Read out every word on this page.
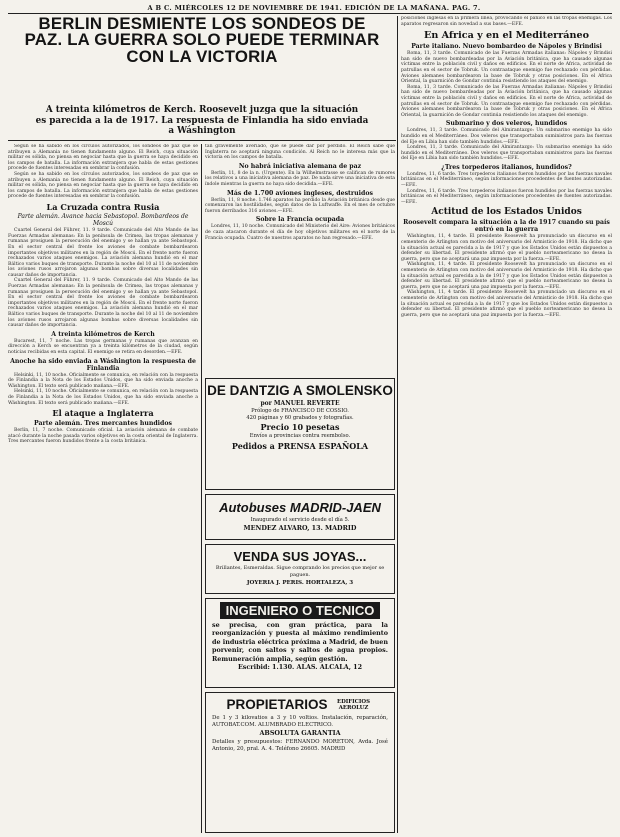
A B C. MIÉRCOLES 12 DE NOVIEMBRE DE 1941. EDICIÓN DE LA MAÑANA. PAG. 7.
BERLIN DESMIENTE LOS SONDEOS DE
PAZ. LA GUERRA SOLO PUEDE TERMINAR
CON LA VICTORIA
A treinta kilómetros de Kerch. Roosevelt juzga que la situación
es parecida a la de 1917. La respuesta de Finlandia ha sido enviada
a Wáshington

Según se ha sabido en los círculos autorizados, los sondeos de paz que se atribuyen a Alemania no tienen fundamento alguno. El Reich, cuya situación militar es sólida, no piensa en negociar hasta que la guerra se haya decidido en los campos de batalla. La información extranjera que habla de estas gestiones procede de fuentes interesadas en sembrar la confusión.

Según se ha sabido en los círculos autorizados, los sondeos de paz que se atribuyen a Alemania no tienen fundamento alguno. El Reich, cuya situación militar es sólida, no piensa en negociar hasta que la guerra se haya decidido en los campos de batalla. La información extranjera que habla de estas gestiones procede de fuentes interesadas en sembrar la confusión.

La Cruzada contra Rusia
Parte alemán. Avance hacia Sebastopol. Bombardeos de Moscú

Cuartel General del Führer, 11. 9 tarde. Comunicado del Alto Mando de las Fuerzas Armadas alemanas: En la península de Crimea, las tropas alemanas y rumanas prosiguen la persecución del enemigo y se hallan ya ante Sebastopol. En el sector central del frente los aviones de combate bombardearon importantes objetivos militares en la región de Moscú. En el frente norte fueron rechazados varios ataques enemigos. La aviación alemana hundió en el mar Báltico varios buques de transporte. Durante la noche del 10 al 11 de noviembre los aviones rusos arrojaron algunas bombas sobre diversas localidades sin causar daños de importancia.

Cuartel General del Führer, 11. 9 tarde. Comunicado del Alto Mando de las Fuerzas Armadas alemanas: En la península de Crimea, las tropas alemanas y rumanas prosiguen la persecución del enemigo y se hallan ya ante Sebastopol. En el sector central del frente los aviones de combate bombardearon importantes objetivos militares en la región de Moscú. En el frente norte fueron rechazados varios ataques enemigos. La aviación alemana hundió en el mar Báltico varios buques de transporte. Durante la noche del 10 al 11 de noviembre los aviones rusos arrojaron algunas bombas sobre diversas localidades sin causar daños de importancia.

A treinta kilómetros de Kerch

Bucarest, 11, 7 noche. Las tropas germanas y rumanas que avanzan en dirección a Kerch se encuentran ya a treinta kilómetros de la ciudad, según noticias recibidas en esta capital. El enemigo se retira en desorden.—EFE.

Anoche ha sido enviada a Wáshington la respuesta de Finlandia

Helsinki, 11, 10 noche. Oficialmente se comunica, en relación con la respuesta de Finlandia a la Nota de los Estados Unidos, que ha sido enviada anoche a Wáshington. El texto será publicado mañana.—EFE.

Helsinki, 11, 10 noche. Oficialmente se comunica, en relación con la respuesta de Finlandia a la Nota de los Estados Unidos, que ha sido enviada anoche a Wáshington. El texto será publicado mañana.—EFE.

El ataque a Inglaterra
Parte alemán. Tres mercantes hundidos

Berlín, 11, 7 noche. Comunicado oficial. La aviación alemana de combate atacó durante la noche pasada varios objetivos en la costa oriental de Inglaterra. Tres mercantes fueron hundidos frente a la costa británica.

tan gravemente averiado, que se puede dar por perdido. El Reich sabe que Inglaterra no aceptará ninguna condición. Al Reich no le interesa más que la victoria en los campos de batalla.

No habrá iniciativa alemana de paz

Berlín, 11, 8 de la n. (Urgente). En la Wilhelmstrasse se califican de rumores los relativos a una iniciativa alemana de paz. De nada sirve una iniciativa de esta índole mientras la guerra no haya sido decidida.—EFE.

Más de 1.700 aviones ingleses, destruidos

Berlín, 11, 8 noche. 1.746 aparatos ha perdido la Aviación británica desde que comenzaron las hostilidades, según datos de la Luftwaffe. En el mes de octubre fueron derribados 316 aviones.—EFE.

Sobre la Francia ocupada

Londres, 11, 10 noche. Comunicado del Ministerio del Aire: Aviones británicos de caza atacaron durante el día de hoy objetivos militares en el norte de la Francia ocupada. Cuatro de nuestros aparatos no han regresado.—EFE.

DE DANTZIG A SMOLENSKO
por MANUEL REVERTE
Prólogo de FRANCISCO DE COSSIO.
420 páginas y 60 grabados y fotografías.
Precio 10 pesetas
Envíos a provincias contra reembolso.
Pedidos a PRENSA ESPAÑOLA
Autobuses MADRID-JAEN
Inaugurado el servicio desde el día 5.
MENDEZ ALVARO, 13. MADRID
VENDA SUS JOYAS...
Brillantes, Esmeraldas. Sigue comprando los precios que mejor se paguen.
JOYERIA J. PERIS. HORTALEZA, 3
INGENIERO O TECNICO
se precisa, con gran práctica, para la reorganización y puesta al máximo rendimiento de industria eléctrica próxima a Madrid, de buen porvenir, con saltos y saltos de agua propios. Remuneración amplia, según gestión.
Escribid: 1.130. ALAS. ALCALA, 12
PROPIETARIOS	EDIFICIOS AEROLUZ
De 1 y 3 kilovatios a 3 y 10 voltios. Instalación, reparación, AUTOBAT.COM. ALUMBRADO ELECTRICO.
ABSOLUTA GARANTIA
Detalles y presupuestos: FERNANDO MORETON, Avda. José Antonio, 20, pral. A. 4. Teléfono 26605. MADRID

posiciones inglesas en la primera línea, provocando el pánico en las tropas enemigas. Los aparatos regresaron sin novedad a sus bases.—EFE.

En Africa y en el Mediterráneo
Parte italiano. Nuevo bombardeo de Nápoles y Brindisi

Roma, 11, 3 tarde. Comunicado de las Fuerzas Armadas italianas: Nápoles y Brindisi han sido de nuevo bombardeadas por la Aviación británica, que ha causado algunas víctimas entre la población civil y daños en edificios. En el norte de Africa, actividad de patrullas en el sector de Tobruk. Un contraataque enemigo fue rechazado con pérdidas. Aviones alemanes bombardearon la base de Tobruk y otras posiciones. En el Africa Oriental, la guarnición de Gondar continúa resistiendo los ataques del enemigo.

Roma, 11, 3 tarde. Comunicado de las Fuerzas Armadas italianas: Nápoles y Brindisi han sido de nuevo bombardeadas por la Aviación británica, que ha causado algunas víctimas entre la población civil y daños en edificios. En el norte de Africa, actividad de patrullas en el sector de Tobruk. Un contraataque enemigo fue rechazado con pérdidas. Aviones alemanes bombardearon la base de Tobruk y otras posiciones. En el Africa Oriental, la guarnición de Gondar continúa resistiendo los ataques del enemigo.

Submarino y dos veleros, hundidos

Londres, 11, 3 tarde. Comunicado del Almirantazgo: Un submarino enemigo ha sido hundido en el Mediterráneo. Dos veleros que transportaban suministros para las fuerzas del Eje en Libia han sido también hundidos.—EFE.

Londres, 11, 3 tarde. Comunicado del Almirantazgo: Un submarino enemigo ha sido hundido en el Mediterráneo. Dos veleros que transportaban suministros para las fuerzas del Eje en Libia han sido también hundidos.—EFE.

¿Tres torpederos italianos, hundidos?

Londres, 11, 6 tarde. Tres torpederos italianos fueron hundidos por las fuerzas navales británicas en el Mediterráneo, según informaciones procedentes de fuentes autorizadas.—EFE.

Londres, 11, 6 tarde. Tres torpederos italianos fueron hundidos por las fuerzas navales británicas en el Mediterráneo, según informaciones procedentes de fuentes autorizadas.—EFE.

Actitud de los Estados Unidos
Roosevelt compara la situación a la de 1917 cuando su país entró en la guerra

Wáshington, 11, 4 tarde. El presidente Roosevelt ha pronunciado un discurso en el cementerio de Arlington con motivo del aniversario del Armisticio de 1918. Ha dicho que la situación actual es parecida a la de 1917 y que los Estados Unidos están dispuestos a defender su libertad. El presidente afirmó que el pueblo norteamericano no desea la guerra, pero que no aceptará una paz impuesta por la fuerza.—EFE.

Wáshington, 11, 4 tarde. El presidente Roosevelt ha pronunciado un discurso en el cementerio de Arlington con motivo del aniversario del Armisticio de 1918. Ha dicho que la situación actual es parecida a la de 1917 y que los Estados Unidos están dispuestos a defender su libertad. El presidente afirmó que el pueblo norteamericano no desea la guerra, pero que no aceptará una paz impuesta por la fuerza.—EFE.

Wáshington, 11, 4 tarde. El presidente Roosevelt ha pronunciado un discurso en el cementerio de Arlington con motivo del aniversario del Armisticio de 1918. Ha dicho que la situación actual es parecida a la de 1917 y que los Estados Unidos están dispuestos a defender su libertad. El presidente afirmó que el pueblo norteamericano no desea la guerra, pero que no aceptará una paz impuesta por la fuerza.—EFE.
